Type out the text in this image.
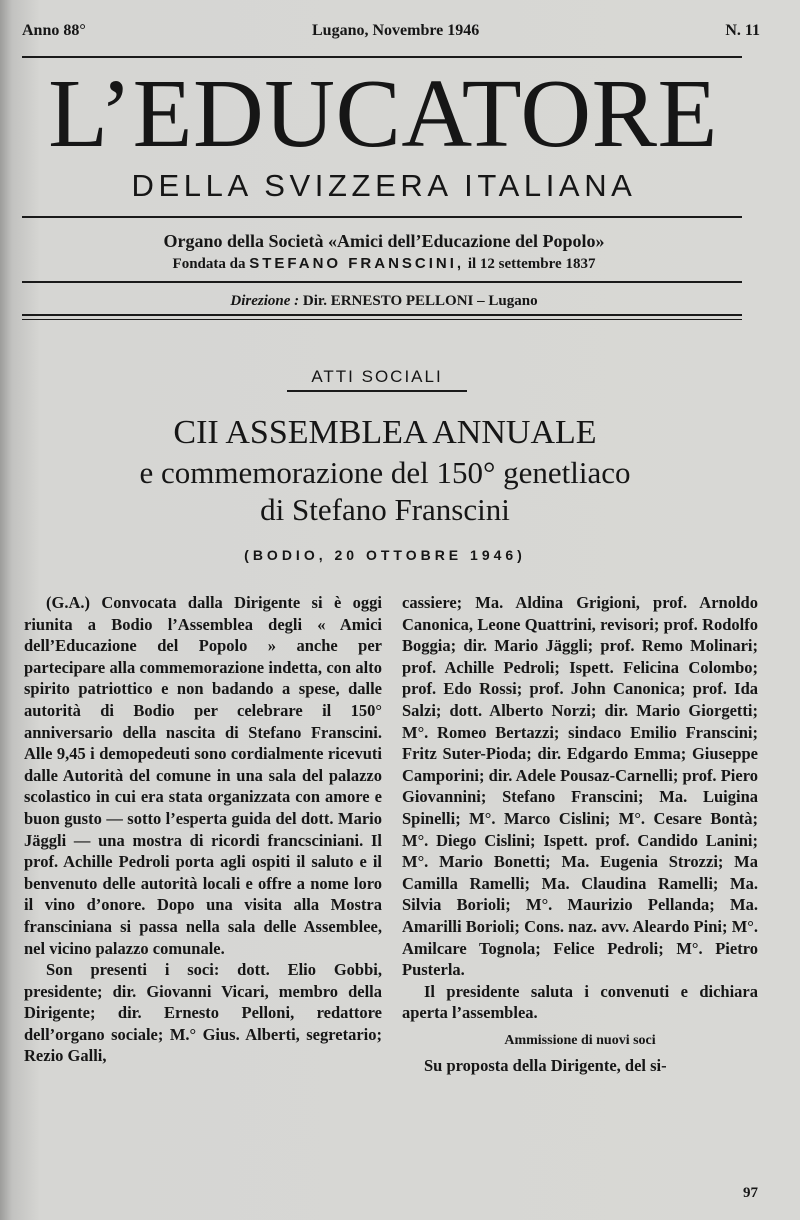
Anno 88°	Lugano, Novembre 1946	N. 11
L’EDUCATORE
DELLA SVIZZERA ITALIANA
Organo della Società «Amici dell’Educazione del Popolo»
Fondata da STEFANO FRANSCINI, il 12 settembre 1837
Direzione : Dir. ERNESTO PELLONI – Lugano
ATTI SOCIALI
CII ASSEMBLEA ANNUALE
e commemorazione del 150° genetliaco
di Stefano Franscini
(BODIO, 20 OTTOBRE 1946)

(G.A.) Convocata dalla Dirigente si è oggi riunita a Bodio l’Assemblea degli « Amici dell’Educazione del Popolo » anche per partecipare alla commemorazione indetta, con alto spirito patriottico e non badando a spese, dalle autorità di Bodio per celebrare il 150° anniversario della nascita di Stefano Franscini. Alle 9,45 i demopedeuti sono cordialmente ricevuti dalle Autorità del comune in una sala del palazzo scolastico in cui era stata organizzata con amore e buon gusto — sotto l’esperta guida del dott. Mario Jäggli — una mostra di ricordi francsciniani. Il prof. Achille Pedroli porta agli ospiti il saluto e il benvenuto delle autorità locali e offre a nome loro il vino d’onore. Dopo una visita alla Mostra fransciniana si passa nella sala delle Assemblee, nel vicino palazzo comunale.

Son presenti i soci: dott. Elio Gobbi, presidente; dir. Giovanni Vicari, membro della Dirigente; dir. Ernesto Pelloni, redattore dell’organo sociale; M.° Gius. Alberti, segretario; Rezio Galli,

cassiere; Ma. Aldina Grigioni, prof. Arnoldo Canonica, Leone Quattrini, revisori; prof. Rodolfo Boggia; dir. Mario Jäggli; prof. Remo Molinari; prof. Achille Pedroli; Ispett. Felicina Colombo; prof. Edo Rossi; prof. John Canonica; prof. Ida Salzi; dott. Alberto Norzi; dir. Mario Giorgetti; M°. Romeo Bertazzi; sindaco Emilio Franscini; Fritz Suter-Pioda; dir. Edgardo Emma; Giuseppe Camporini; dir. Adele Pousaz-Carnelli; prof. Piero Giovannini; Stefano Franscini; Ma. Luigina Spinelli; M°. Marco Cislini; M°. Cesare Bontà; M°. Diego Cislini; Ispett. prof. Candido Lanini; M°. Mario Bonetti; Ma. Eugenia Strozzi; Ma Camilla Ramelli; Ma. Claudina Ramelli; Ma. Silvia Borioli; M°. Maurizio Pellanda; Ma. Amarilli Borioli; Cons. naz. avv. Aleardo Pini; M°. Amilcare Tognola; Felice Pedroli; M°. Pietro Pusterla.

Il presidente saluta i convenuti e dichiara aperta l’assemblea.

Ammissione di nuovi soci

Su proposta della Dirigente, del si-

97
